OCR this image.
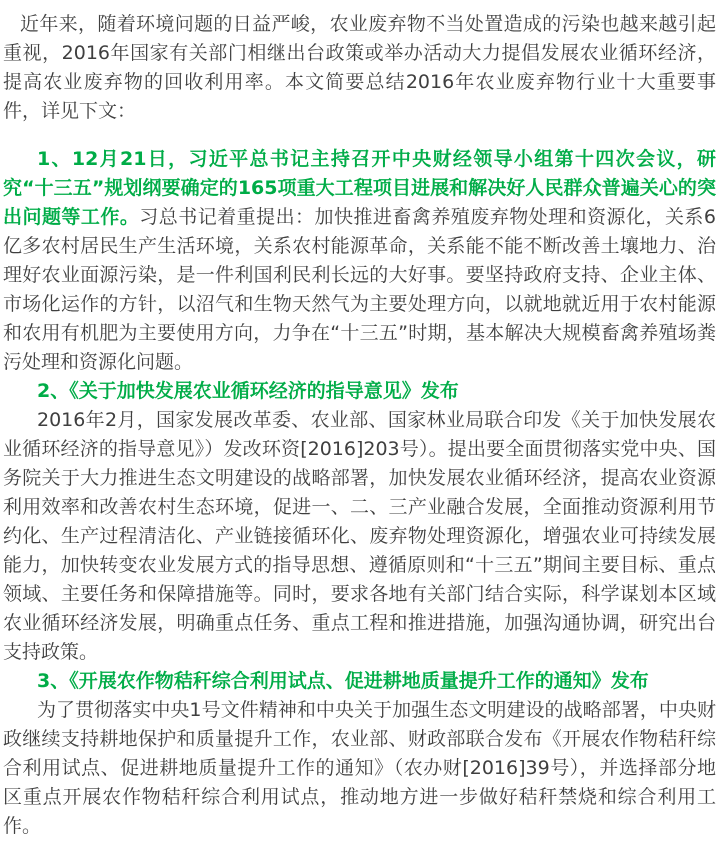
近年来，随着环境问题的日益严峻，农业废弃物不当处置造成的污染也越来越引起重视，2016年国家有关部门相继出台政策或举办活动大力提倡发展农业循环经济，提高农业废弃物的回收利用率。本文简要总结2016年农业废弃物行业十大重要事件，详见下文：

1、12月21日，习近平总书记主持召开中央财经领导小组第十四次会议，研究“十三五”规划纲要确定的165项重大工程项目进展和解决好人民群众普遍关心的突出问题等工作。习总书记着重提出：加快推进畜禽养殖废弃物处理和资源化，关系6亿多农村居民生产生活环境，关系农村能源革命，关系能不能不断改善土壤地力、治理好农业面源污染，是一件利国利民利长远的大好事。要坚持政府支持、企业主体、市场化运作的方针，以沼气和生物天然气为主要处理方向，以就地就近用于农村能源和农用有机肥为主要使用方向，力争在“十三五”时期，基本解决大规模畜禽养殖场粪污处理和资源化问题。

2、《关于加快发展农业循环经济的指导意见》发布

2016年2月，国家发展改革委、农业部、国家林业局联合印发《关于加快发展农业循环经济的指导意见》）发改环资[2016]203号）。提出要全面贯彻落实党中央、国务院关于大力推进生态文明建设的战略部署，加快发展农业循环经济，提高农业资源利用效率和改善农村生态环境，促进一、二、三产业融合发展，全面推动资源利用节约化、生产过程清洁化、产业链接循环化、废弃物处理资源化，增强农业可持续发展能力，加快转变农业发展方式的指导思想、遵循原则和“十三五”期间主要目标、重点领域、主要任务和保障措施等。同时，要求各地有关部门结合实际，科学谋划本区域农业循环经济发展，明确重点任务、重点工程和推进措施，加强沟通协调，研究出台支持政策。

3、《开展农作物秸秆综合利用试点、促进耕地质量提升工作的通知》发布

为了贯彻落实中央1号文件精神和中央关于加强生态文明建设的战略部署，中央财政继续支持耕地保护和质量提升工作，农业部、财政部联合发布《开展农作物秸秆综合利用试点、促进耕地质量提升工作的通知》（农办财[2016]39号），并选择部分地区重点开展农作物秸秆综合利用试点，推动地方进一步做好秸秆禁烧和综合利用工作。
